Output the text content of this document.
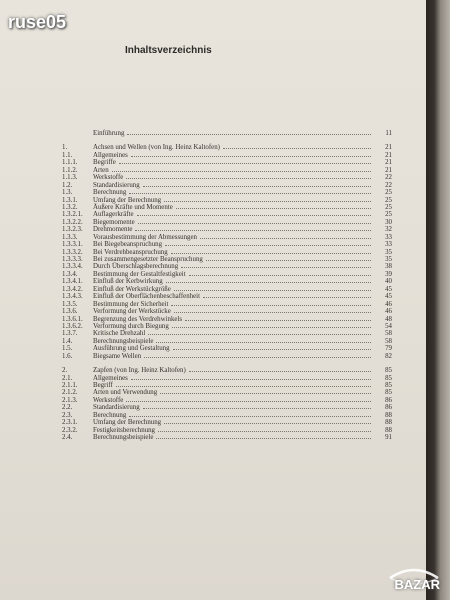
ruse05
Inhaltsverzeichnis
Einführung	11
1.	Achsen und Wellen (von Ing. Heinz Kaltofen)	21
1.1.	Allgemeines	21
1.1.1.	Begriffe	21
1.1.2.	Arten	21
1.1.3.	Werkstoffe	22
1.2.	Standardisierung	22
1.3.	Berechnung	25
1.3.1.	Umfang der Berechnung	25
1.3.2.	Äußere Kräfte und Momente	25
1.3.2.1.	Auflagerkräfte	25
1.3.2.2.	Biegemomente	30
1.3.2.3.	Drehmomente	32
1.3.3.	Vorausbestimmung der Abmessungen	33
1.3.3.1.	Bei Biegebeanspruchung	33
1.3.3.2.	Bei Verdrehbeanspruchung	35
1.3.3.3.	Bei zusammengesetzter Beanspruchung	35
1.3.3.4.	Durch Überschlagsberechnung	38
1.3.4.	Bestimmung der Gestaltfestigkeit	39
1.3.4.1.	Einfluß der Kerbwirkung	40
1.3.4.2.	Einfluß der Werkstückgröße	45
1.3.4.3.	Einfluß der Oberflächenbeschaffenheit	45
1.3.5.	Bestimmung der Sicherheit	46
1.3.6.	Verformung der Werkstücke	46
1.3.6.1.	Begrenzung des Verdrehwinkels	48
1.3.6.2.	Verformung durch Biegung	54
1.3.7.	Kritische Drehzahl	58
1.4.	Berechnungsbeispiele	58
1.5.	Ausführung und Gestaltung	79
1.6.	Biegsame Wellen	82
2.	Zapfen (von Ing. Heinz Kaltofen)	85
2.1.	Allgemeines	85
2.1.1.	Begriff	85
2.1.2.	Arten und Verwendung	85
2.1.3.	Werkstoffe	86
2.2.	Standardisierung	86
2.3.	Berechnung	88
2.3.1.	Umfang der Berechnung	88
2.3.2.	Festigkeitsberechnung	88
2.4.	Berechnungsbeispiele	91
BAZAR
